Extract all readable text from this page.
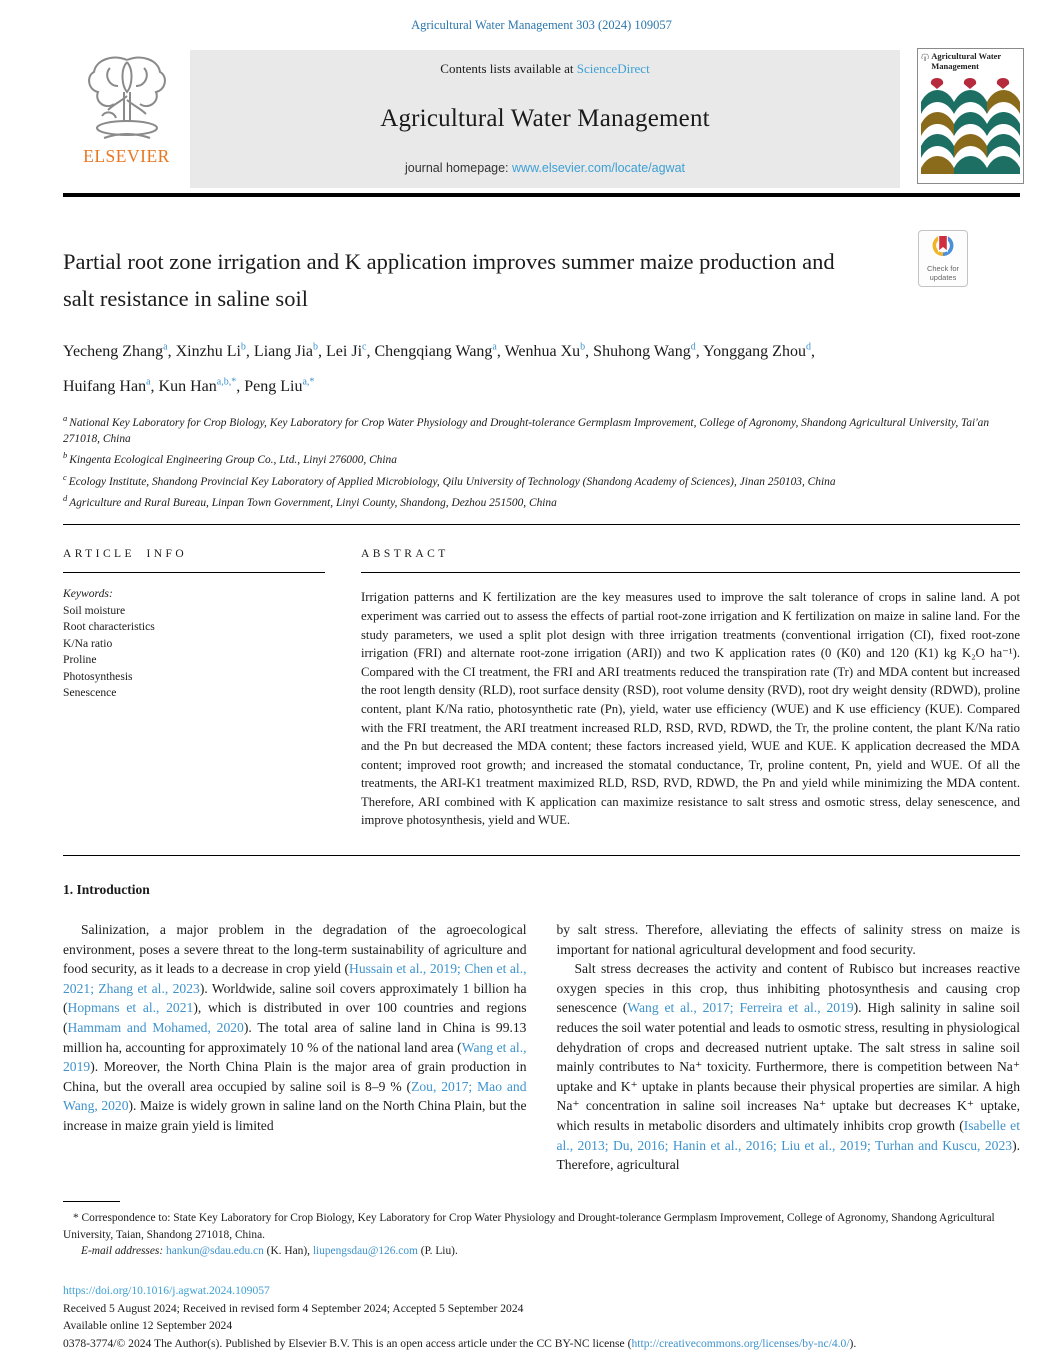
Agricultural Water Management 303 (2024) 109057
ELSEVIER
Contents lists available at ScienceDirect
Agricultural Water Management
journal homepage: www.elsevier.com/locate/agwat
Agricultural Water Management
Check for
updates
Partial root zone irrigation and K application improves summer maize production and salt resistance in saline soil
Yecheng Zhang$^a$, Xinzhu Li$^b$, Liang Jia$^b$, Lei Ji$^c$, Chengqiang Wang$^a$, Wenhua Xu$^b$, Shuhong Wang$^d$, Yonggang Zhou$^d$, Huifang Han$^a$, Kun Han$^{a,b,*}$, Peng Liu$^{a,*}$
$^a$ National Key Laboratory for Crop Biology, Key Laboratory for Crop Water Physiology and Drought-tolerance Germplasm Improvement, College of Agronomy, Shandong Agricultural University, Tai'an 271018, China
$^b$ Kingenta Ecological Engineering Group Co., Ltd., Linyi 276000, China
$^c$ Ecology Institute, Shandong Provincial Key Laboratory of Applied Microbiology, Qilu University of Technology (Shandong Academy of Sciences), Jinan 250103, China
$^d$ Agriculture and Rural Bureau, Linpan Town Government, Linyi County, Shandong, Dezhou 251500, China
ARTICLE INFO
Keywords:
Soil moisture
Root characteristics
K/Na ratio
Proline
Photosynthesis
Senescence
ABSTRACT
Irrigation patterns and K fertilization are the key measures used to improve the salt tolerance of crops in saline land. A pot experiment was carried out to assess the effects of partial root-zone irrigation and K fertilization on maize in saline land. For the study parameters, we used a split plot design with three irrigation treatments (conventional irrigation (CI), fixed root-zone irrigation (FRI) and alternate root-zone irrigation (ARI)) and two K application rates (0 (K0) and 120 (K1) kg K₂O ha⁻¹). Compared with the CI treatment, the FRI and ARI treatments reduced the transpiration rate (Tr) and MDA content but increased the root length density (RLD), root surface density (RSD), root volume density (RVD), root dry weight density (RDWD), proline content, plant K/Na ratio, photosynthetic rate (Pn), yield, water use efficiency (WUE) and K use efficiency (KUE). Compared with the FRI treatment, the ARI treatment increased RLD, RSD, RVD, RDWD, the Tr, the proline content, the plant K/Na ratio and the Pn but decreased the MDA content; these factors increased yield, WUE and KUE. K application decreased the MDA content; improved root growth; and increased the stomatal conductance, Tr, proline content, Pn, yield and WUE. Of all the treatments, the ARI-K1 treatment maximized RLD, RSD, RVD, RDWD, the Pn and yield while minimizing the MDA content. Therefore, ARI combined with K application can maximize resistance to salt stress and osmotic stress, delay senescence, and improve photosynthesis, yield and WUE.
1. Introduction

Salinization, a major problem in the degradation of the agroecological environment, poses a severe threat to the long-term sustainability of agriculture and food security, as it leads to a decrease in crop yield (Hussain et al., 2019; Chen et al., 2021; Zhang et al., 2023). Worldwide, saline soil covers approximately 1 billion ha (Hopmans et al., 2021), which is distributed in over 100 countries and regions (Hammam and Mohamed, 2020). The total area of saline land in China is 99.13 million ha, accounting for approximately 10 % of the national land area (Wang et al., 2019). Moreover, the North China Plain is the major area of grain production in China, but the overall area occupied by saline soil is 8–9 % (Zou, 2017; Mao and Wang, 2020). Maize is widely grown in saline land on the North China Plain, but the increase in maize grain yield is limited

by salt stress. Therefore, alleviating the effects of salinity stress on maize is important for national agricultural development and food security.

Salt stress decreases the activity and content of Rubisco but increases reactive oxygen species in this crop, thus inhibiting photosynthesis and causing crop senescence (Wang et al., 2017; Ferreira et al., 2019). High salinity in saline soil reduces the soil water potential and leads to osmotic stress, resulting in physiological dehydration of crops and decreased nutrient uptake. The salt stress in saline soil mainly contributes to Na⁺ toxicity. Furthermore, there is competition between Na⁺ uptake and K⁺ uptake in plants because their physical properties are similar. A high Na⁺ concentration in saline soil increases Na⁺ uptake but decreases K⁺ uptake, which results in metabolic disorders and ultimately inhibits crop growth (Isabelle et al., 2013; Du, 2016; Hanin et al., 2016; Liu et al., 2019; Turhan and Kuscu, 2023). Therefore, agricultural

* Correspondence to: State Key Laboratory for Crop Biology, Key Laboratory for Crop Water Physiology and Drought-tolerance Germplasm Improvement, College of Agronomy, Shandong Agricultural University, Taian, Shandong 271018, China.
E-mail addresses: hankun@sdau.edu.cn (K. Han), liupengsdau@126.com (P. Liu).
https://doi.org/10.1016/j.agwat.2024.109057
Received 5 August 2024; Received in revised form 4 September 2024; Accepted 5 September 2024
Available online 12 September 2024
0378-3774/© 2024 The Author(s). Published by Elsevier B.V. This is an open access article under the CC BY-NC license (http://creativecommons.org/licenses/by-nc/4.0/).
